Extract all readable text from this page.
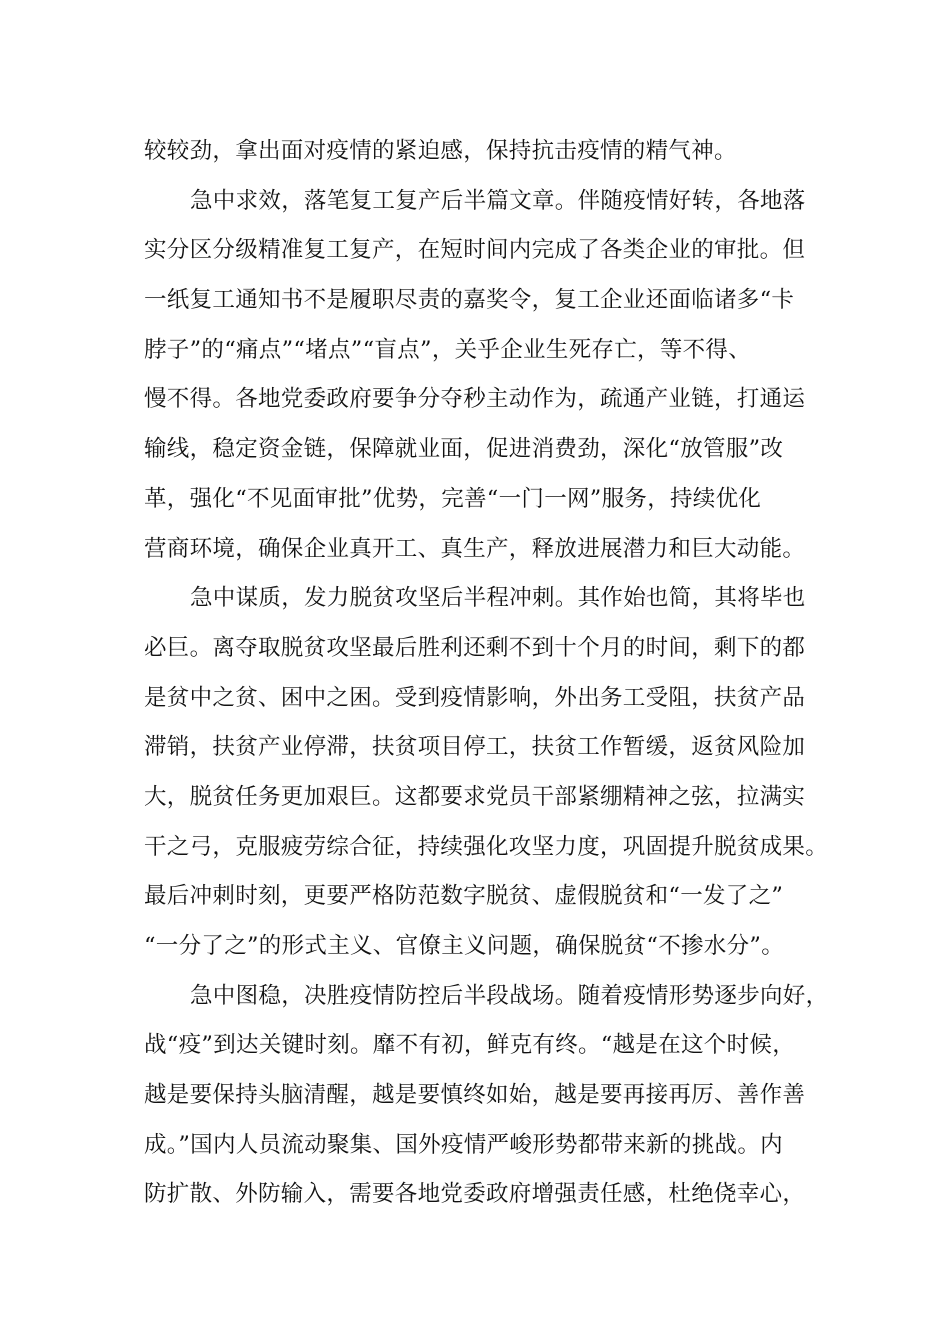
较较劲，拿出面对疫情的紧迫感，保持抗击疫情的精气神。
急中求效，落笔复工复产后半篇文章。伴随疫情好转，各地落
实分区分级精准复工复产，在短时间内完成了各类企业的审批。但
一纸复工通知书不是履职尽责的嘉奖令，复工企业还面临诸多“卡
脖子”的“痛点”“堵点”“盲点”，关乎企业生死存亡，等不得、
慢不得。各地党委政府要争分夺秒主动作为，疏通产业链，打通运
输线，稳定资金链，保障就业面，促进消费劲，深化“放管服”改
革，强化“不见面审批”优势，完善“一门一网”服务，持续优化
营商环境，确保企业真开工、真生产，释放进展潜力和巨大动能。
急中谋质，发力脱贫攻坚后半程冲刺。其作始也简，其将毕也
必巨。离夺取脱贫攻坚最后胜利还剩不到十个月的时间，剩下的都
是贫中之贫、困中之困。受到疫情影响，外出务工受阻，扶贫产品
滞销，扶贫产业停滞，扶贫项目停工，扶贫工作暂缓，返贫风险加
大，脱贫任务更加艰巨。这都要求党员干部紧绷精神之弦，拉满实
干之弓，克服疲劳综合征，持续强化攻坚力度，巩固提升脱贫成果。
最后冲刺时刻，更要严格防范数字脱贫、虚假脱贫和“一发了之”
“一分了之”的形式主义、官僚主义问题，确保脱贫“不掺水分”。
急中图稳，决胜疫情防控后半段战场。随着疫情形势逐步向好，
战“疫”到达关键时刻。靡不有初，鲜克有终。“越是在这个时候，
越是要保持头脑清醒，越是要慎终如始，越是要再接再厉、善作善
成。”国内人员流动聚集、国外疫情严峻形势都带来新的挑战。内
防扩散、外防输入，需要各地党委政府增强责任感，杜绝侥幸心，
